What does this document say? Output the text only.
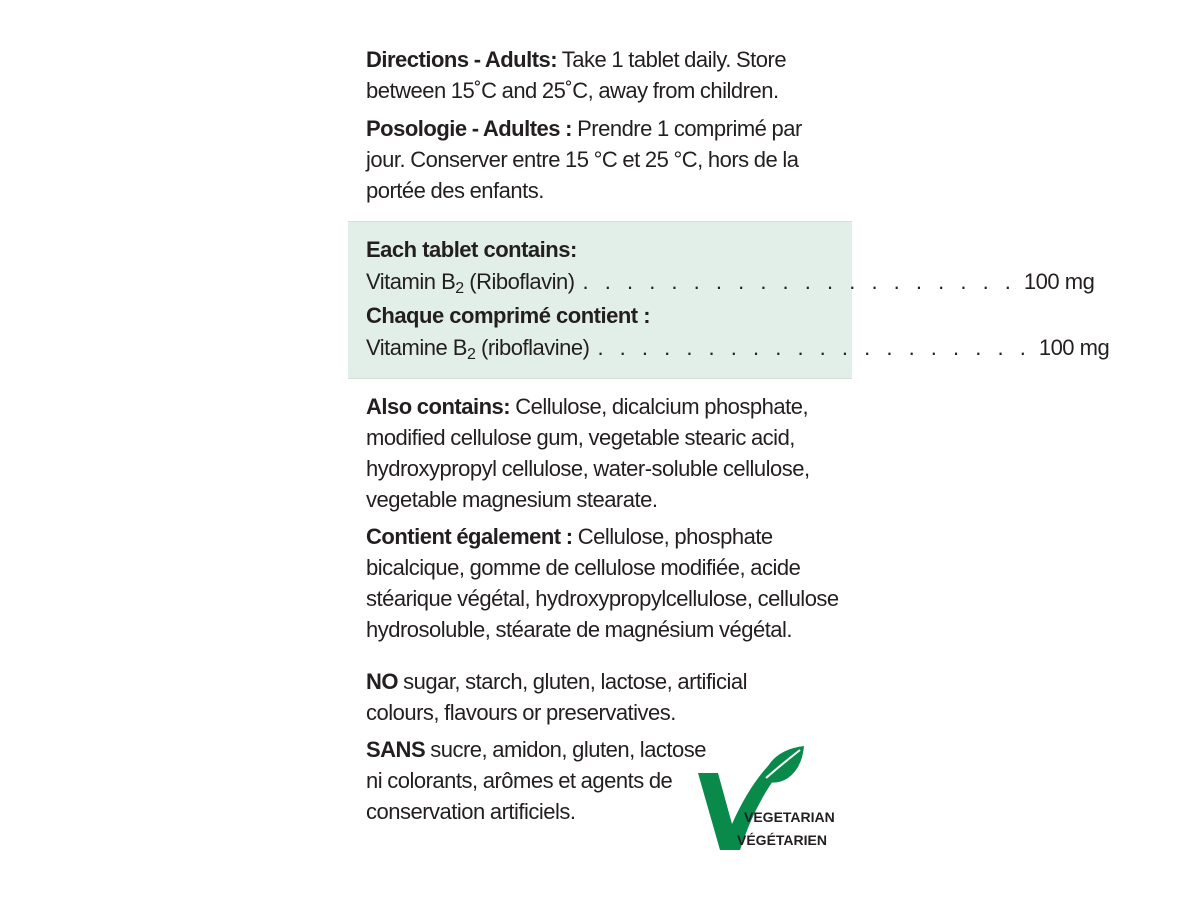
Directions - Adults: Take 1 tablet daily. Store between 15˚C and 25˚C, away from children.

Posologie - Adultes : Prendre 1 comprimé par jour. Conserver entre 15 °C et 25 °C, hors de la portée des enfants.

Also contains: Cellulose, dicalcium phosphate, modified cellulose gum, vegetable stearic acid, hydroxypropyl cellulose, water-soluble cellulose, vegetable magnesium stearate.

Contient également : Cellulose, phosphate bicalcique, gomme de cellulose modifiée, acide stéarique végétal, hydroxypropylcellulose, cellulose hydrosoluble, stéarate de magnésium végétal.

NO sugar, starch, gluten, lactose, artificial colours, flavours or preservatives.

SANS sucre, amidon, gluten, lactose ni colorants, arômes et agents de conservation artificiels.

Each tablet contains:

Vitamin $B_2$ (Riboflavin) . . . . . . . . . . . . . . . . . . . . 100 mg

Chaque comprimé contient :

Vitamine $B_2$ (riboflavine) . . . . . . . . . . . . . . . . . . . . 100 mg
VEGETARIAN
VÉGÉTARIEN
